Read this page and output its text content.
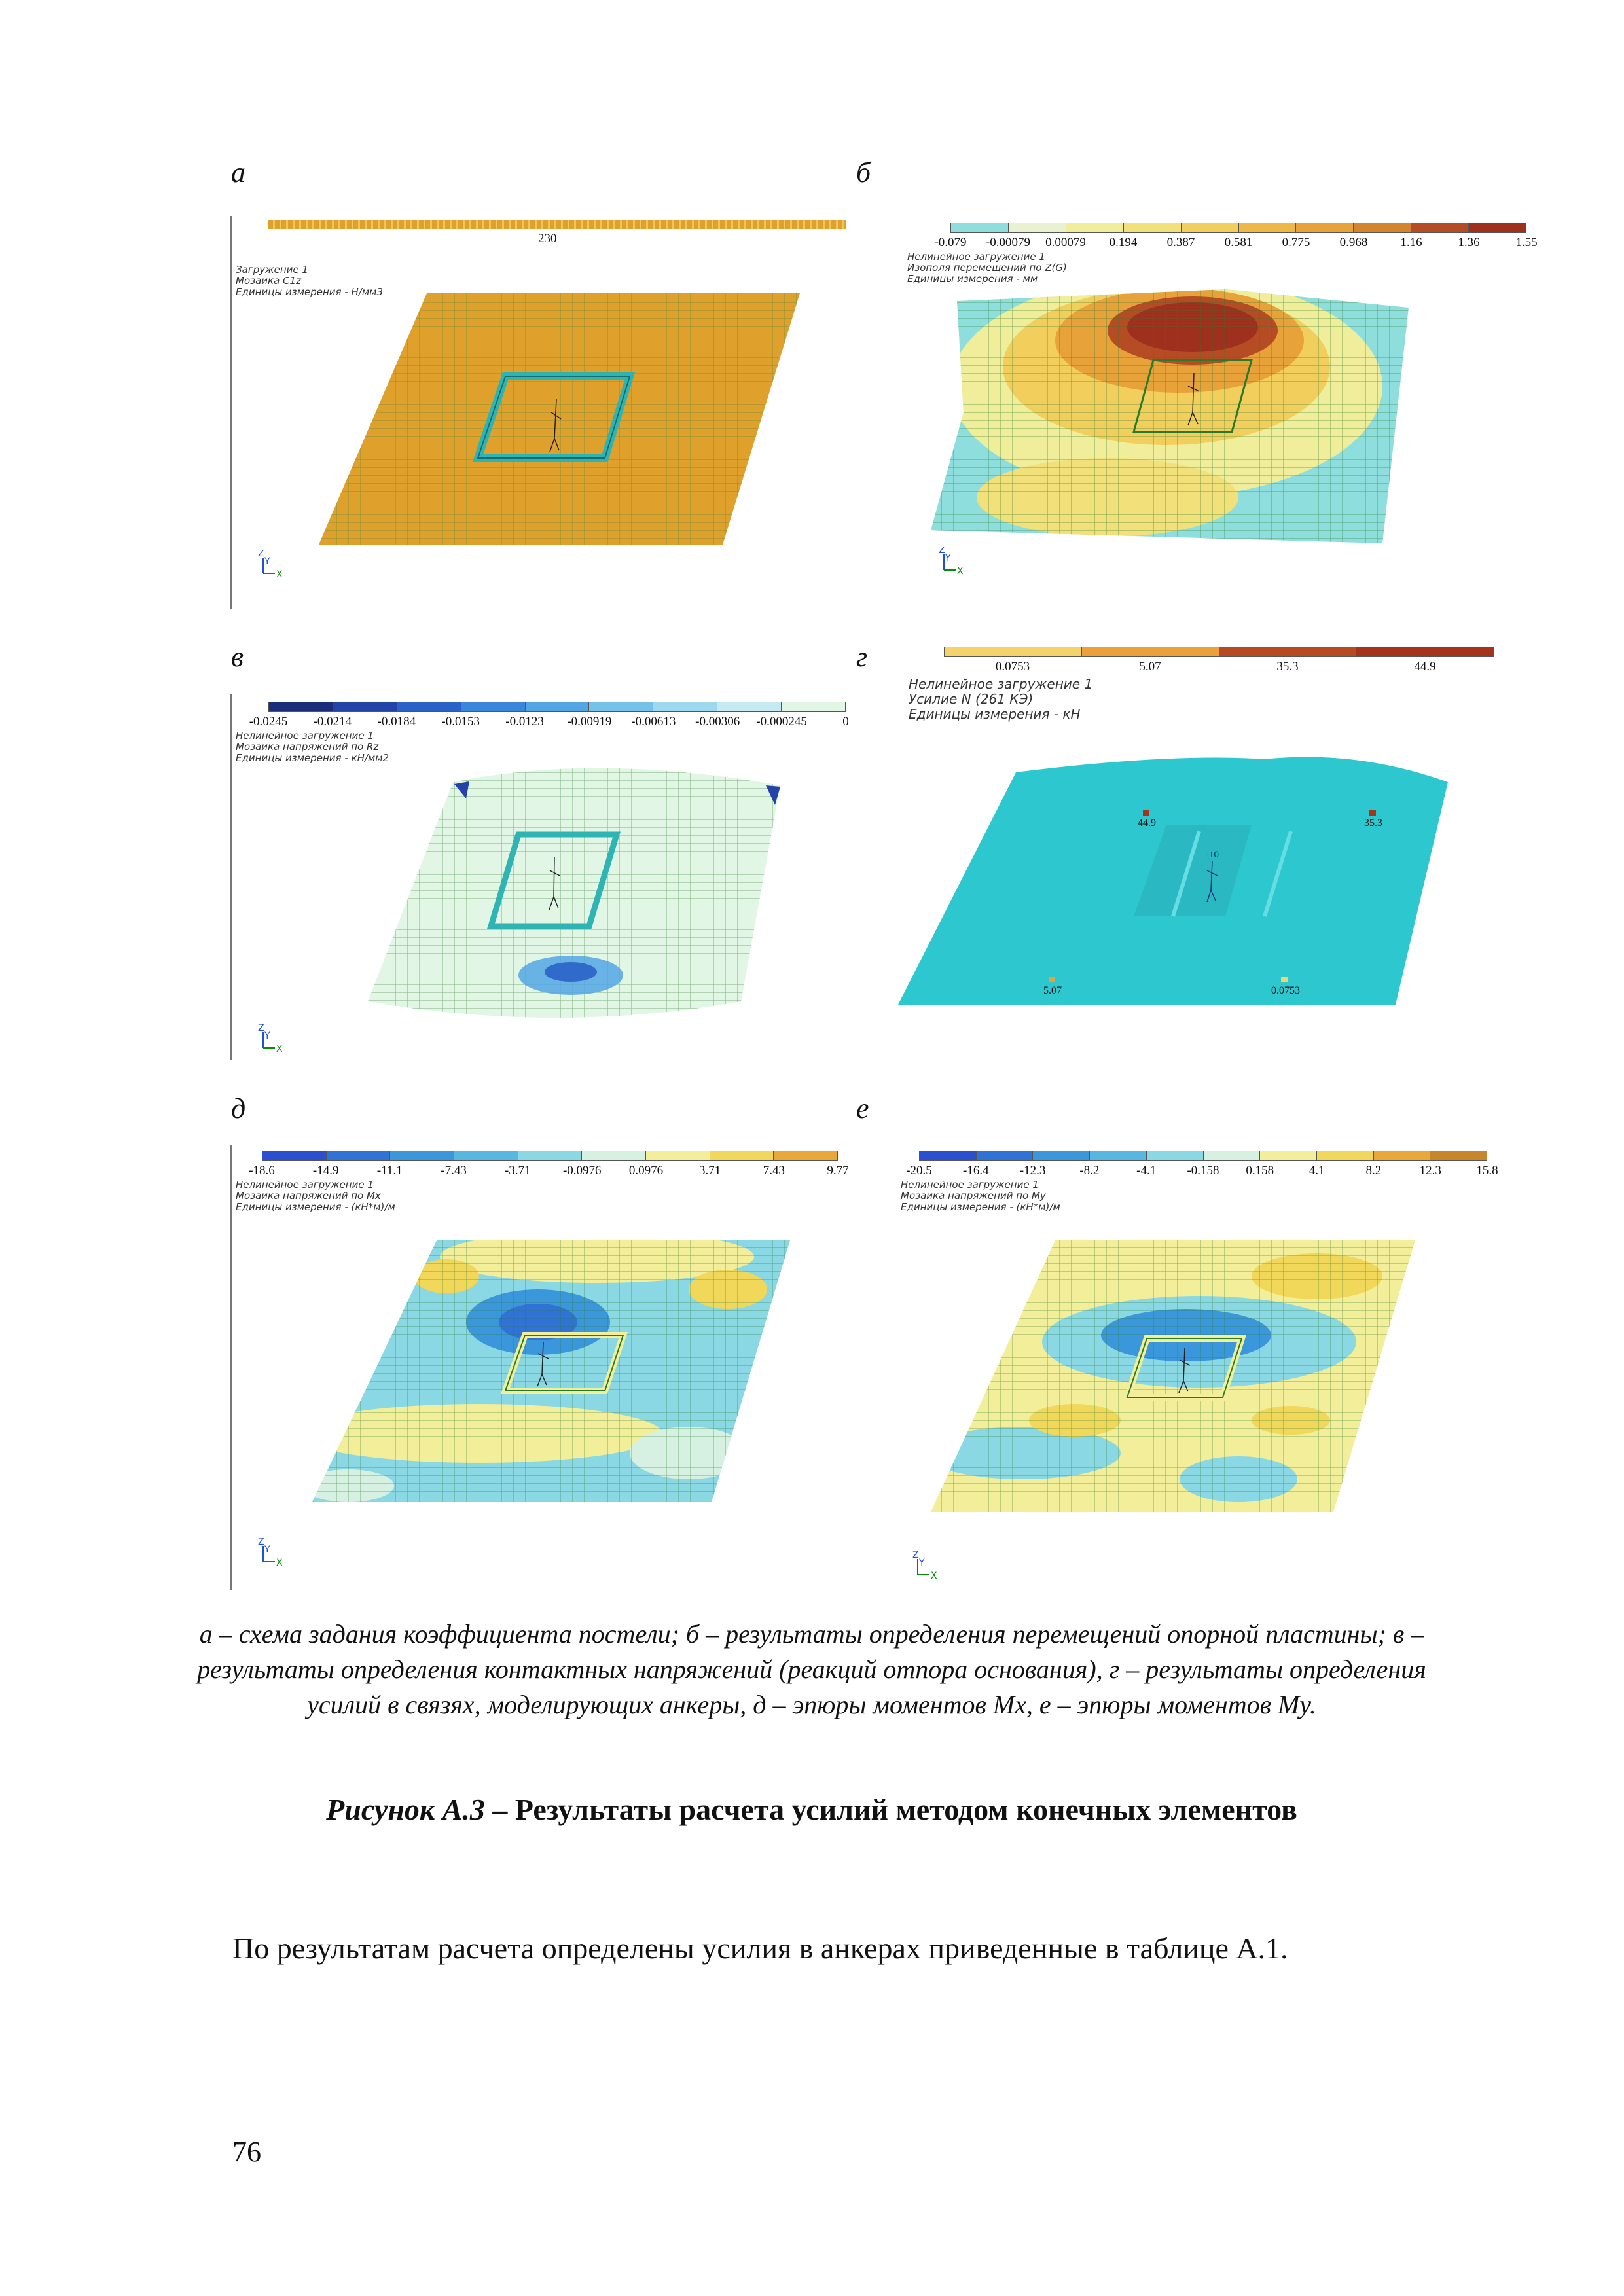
а	б
в	г
д	е
230
Загружение 1
Мозаика C1z
Единицы измерения - Н/мм3
Z
Y
X
-0.079 -0.00079 0.00079 0.194 0.387 0.581 0.775 0.968	1.16	1.36	1.55
Нелинейное загружение 1
Изополя перемещений по Z(G)
Единицы измерения - мм
Z
Y
X
-0.0245 -0.0214 -0.0184 -0.0153 -0.0123 -0.00919 -0.00613 -0.00306 -0.000245	0
Нелинейное загружение 1
Мозаика напряжений по Rz
Единицы измерения - кН/мм2
Z
Y
X
0.0753	5.07	35.3	44.9
Нелинейное загружение 1
Усилие N (261 КЭ)
Единицы измерения - кН
44.9	35.3
5.07	0.0753
-10
-18.6	-14.9	-11.1	-7.43	-3.71	-0.0976 0.0976	3.71	7.43	9.77
Нелинейное загружение 1
Мозаика напряжений по Mx
Единицы измерения - (кН*м)/м
Z
Y
X
-20.5 -16.4 -12.3	-8.2	-4.1 -0.158 0.158	4.1	8.2	12.3	15.8
Нелинейное загружение 1
Мозаика напряжений по My
Единицы измерения - (кН*м)/м
Z
Y
X
а – схема задания коэффициента постели; б – результаты определения перемещений опорной пластины; в – результаты определения контактных напряжений (реакций отпора основания), г – результаты определения усилий в связях, моделирующих анкеры, д – эпюры моментов Mx, е – эпюры моментов My.
Рисунок А.3 – Результаты расчета усилий методом конечных элементов
По результатам расчета определены усилия в анкерах приведенные в таблице А.1.
76
